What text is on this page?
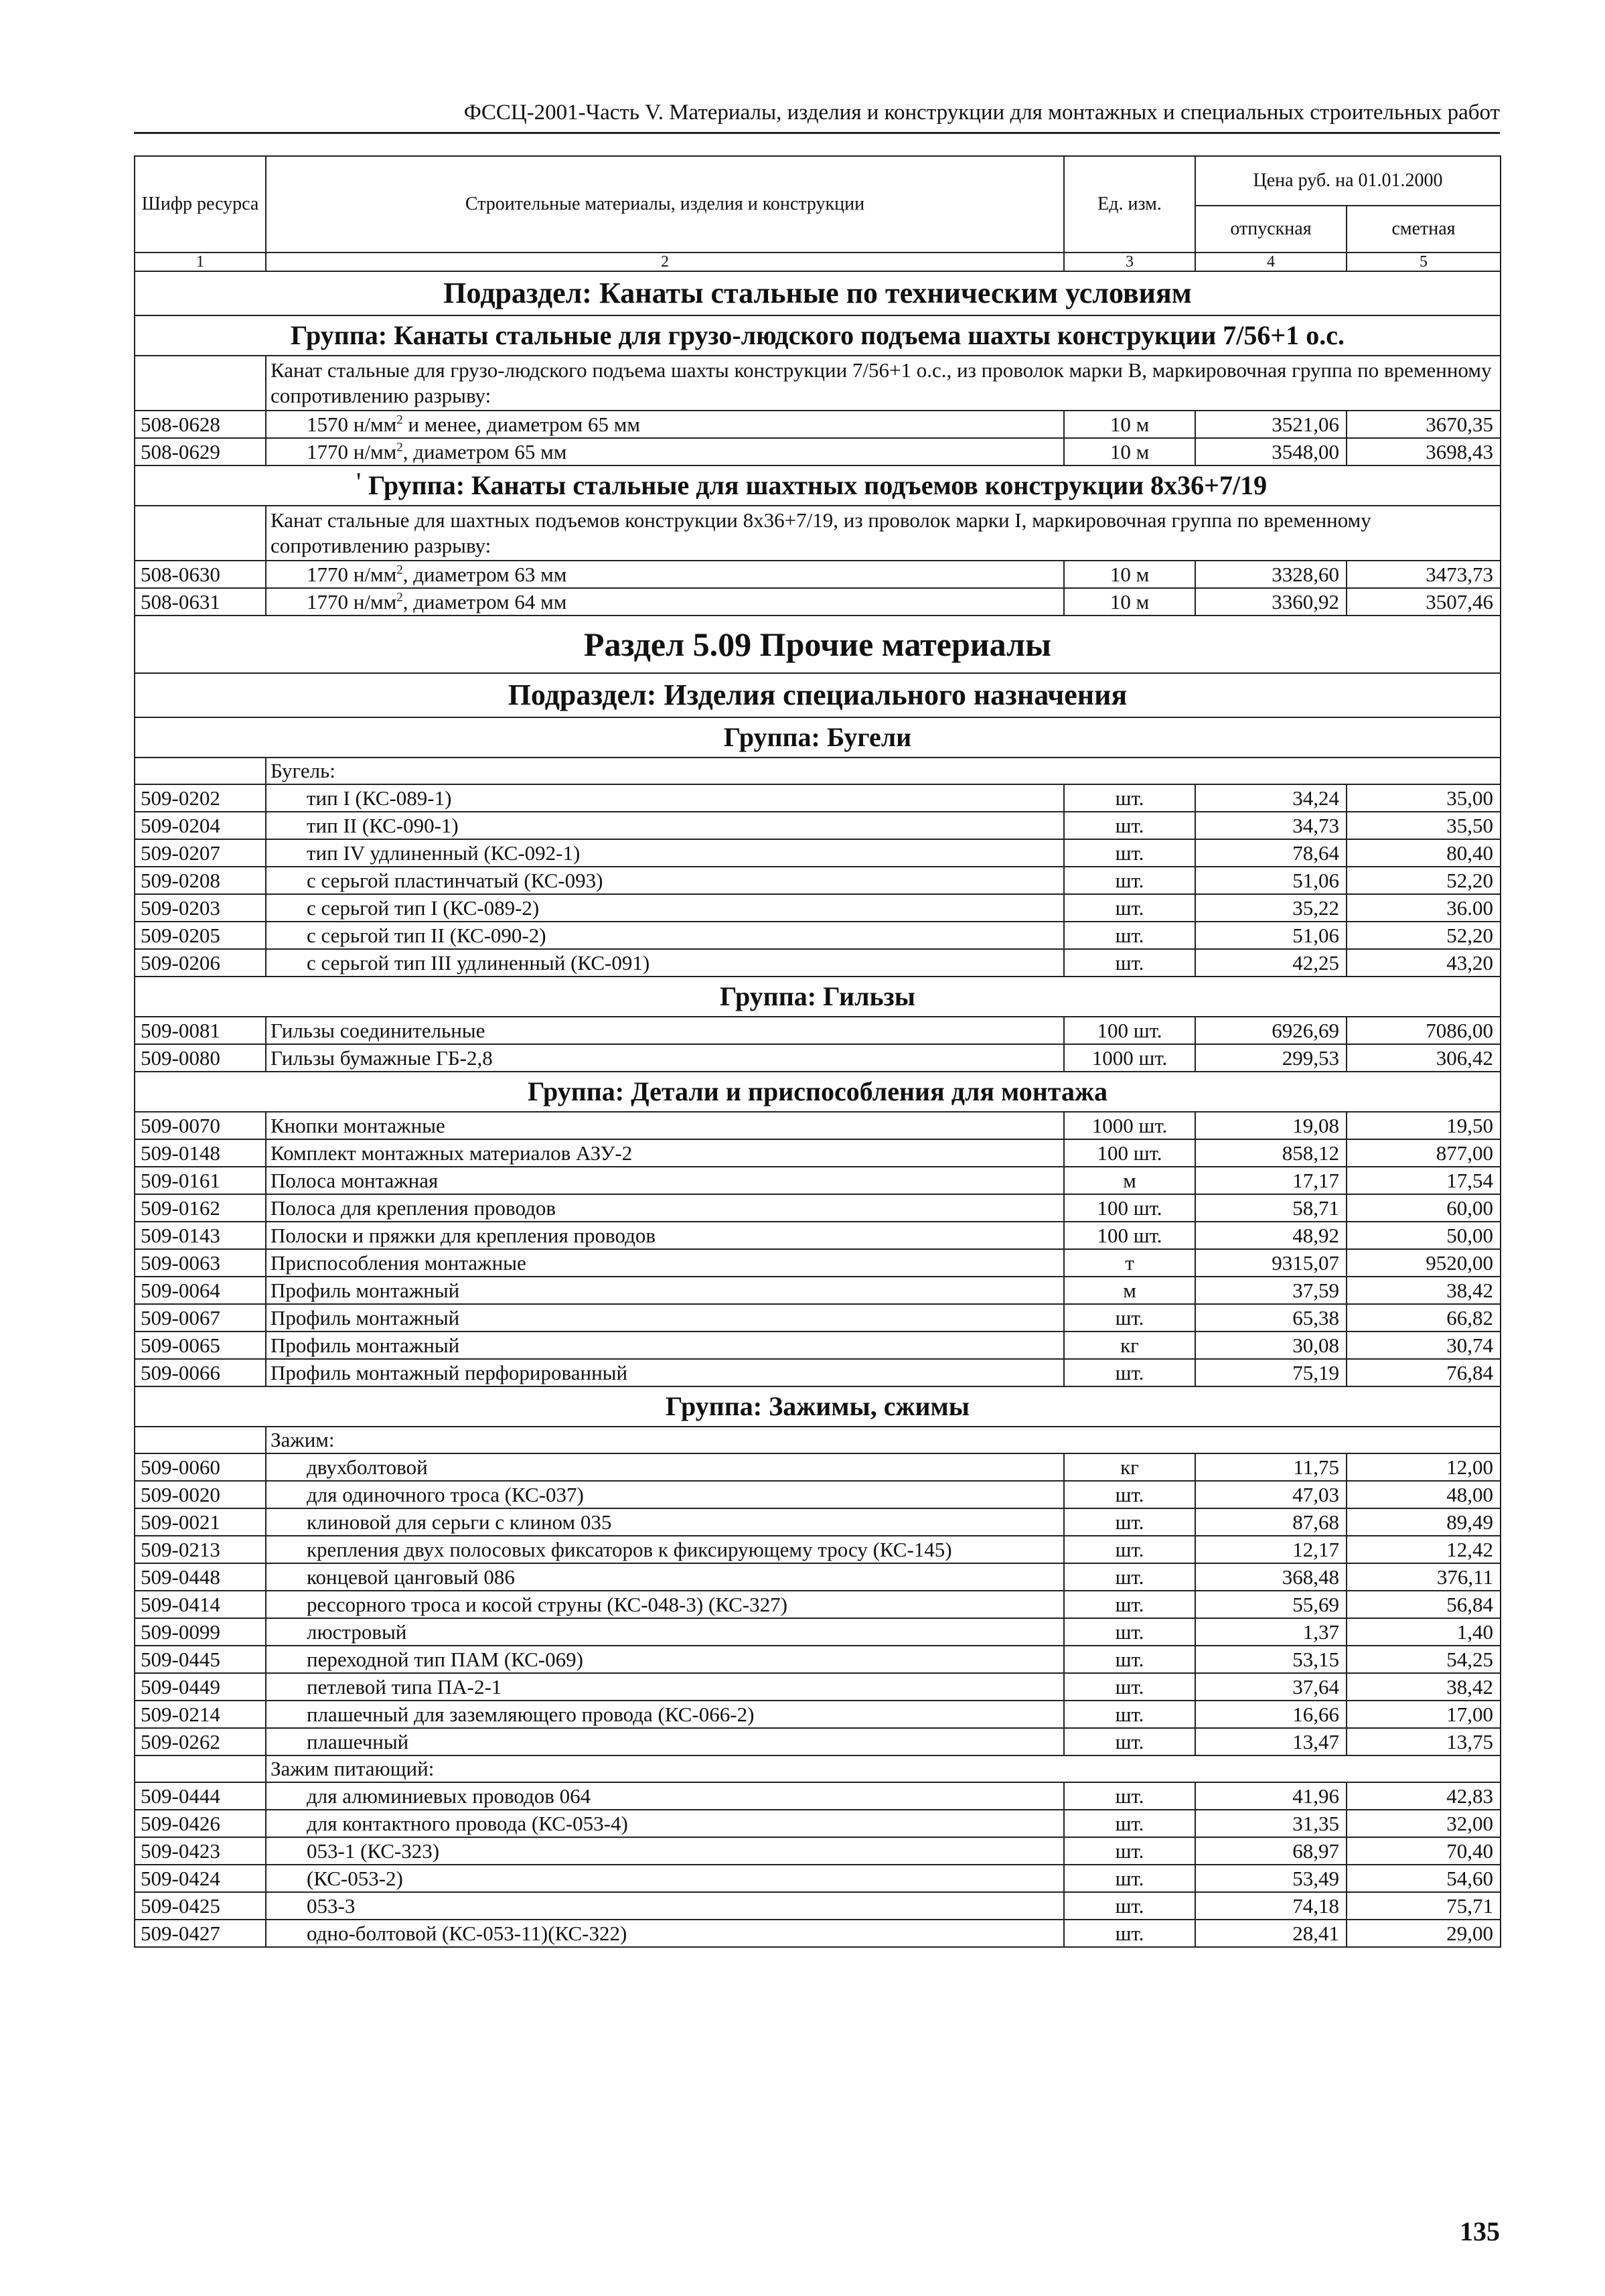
ФССЦ-2001-Часть V. Материалы, изделия и конструкции для монтажных и специальных строительных работ
Шифр ресурса	Строительные материалы, изделия и конструкции	Ед. изм.	Цена руб. на 01.01.2000	
			отпускная	сметная
1	2	3	4	5
Подраздел: Канаты стальные по техническим условиям				
Группа: Канаты стальные для грузо-людского подъема шахты конструкции 7/56+1 о.с.				
	Канат стальные для грузо-людского подъема шахты конструкции 7/56+1 о.с., из проволок марки В, маркировочная группа по временному сопротивлению разрыву:			
508-0628	1570 $н/мм^2$ и менее, диаметром 65 мм	10 м	3521,06	3670,35
508-0629	1770 $н/мм^2$, диаметром 65 мм	10 м	3548,00	3698,43

' Группа: Канаты стальные для шахтных подъемов конструкции 8x36+7/19				
	Канат стальные для шахтных подъемов конструкции 8x36+7/19, из проволок марки I, маркировочная группа по временному сопротивлению разрыву:			
508-0630	1770 $н/мм^2$, диаметром 63 мм	10 м	3328,60	3473,73
508-0631	1770 $н/мм^2$, диаметром 64 мм	10 м	3360,92	3507,46
Раздел 5.09 Прочие материалы				
Подраздел: Изделия специального назначения				
Группа: Бугели				
	Бугель:			
509-0202	тип I (КС-089-1)	шт.	34,24	35,00
509-0204	тип II (КС-090-1)	шт.	34,73	35,50
509-0207	тип IV удлиненный (КС-092-1)	шт.	78,64	80,40
509-0208	с серьгой пластинчатый (КС-093)	шт.	51,06	52,20
509-0203	с серьгой тип I (КС-089-2)	шт.	35,22	36.00
509-0205	с серьгой тип II (КС-090-2)	шт.	51,06	52,20
509-0206	с серьгой тип III удлиненный (КС-091)	шт.	42,25	43,20
Группа: Гильзы				
509-0081	Гильзы соединительные	100 шт.	6926,69	7086,00
509-0080	Гильзы бумажные ГБ-2,8	1000 шт.	299,53	306,42
Группа: Детали и приспособления для монтажа				
509-0070	Кнопки монтажные	1000 шт.	19,08	19,50
509-0148	Комплект монтажных материалов АЗУ-2	100 шт.	858,12	877,00
509-0161	Полоса монтажная	м	17,17	17,54
509-0162	Полоса для крепления проводов	100 шт.	58,71	60,00
509-0143	Полоски и пряжки для крепления проводов	100 шт.	48,92	50,00
509-0063	Приспособления монтажные	т	9315,07	9520,00
509-0064	Профиль монтажный	м	37,59	38,42
509-0067	Профиль монтажный	шт.	65,38	66,82
509-0065	Профиль монтажный	кг	30,08	30,74
509-0066	Профиль монтажный перфорированный	шт.	75,19	76,84
Группа: Зажимы, сжимы				
	Зажим:			
509-0060	двухболтовой	кг	11,75	12,00
509-0020	для одиночного троса (КС-037)	шт.	47,03	48,00
509-0021	клиновой для серьги с клином 035	шт.	87,68	89,49
509-0213	крепления двух полосовых фиксаторов к фиксирующему тросу (КС-145)	шт.	12,17	12,42
509-0448	концевой цанговый 086	шт.	368,48	376,11
509-0414	рессорного троса и косой струны (КС-048-3) (КС-327)	шт.	55,69	56,84
509-0099	люстровый	шт.	1,37	1,40
509-0445	переходной тип ПАМ (КС-069)	шт.	53,15	54,25
509-0449	петлевой типа ПА-2-1	шт.	37,64	38,42
509-0214	плашечный для заземляющего провода (КС-066-2)	шт.	16,66	17,00
509-0262	плашечный	шт.	13,47	13,75
	Зажим питающий:			
509-0444	для алюминиевых проводов 064	шт.	41,96	42,83
509-0426	для контактного провода (КС-053-4)	шт.	31,35	32,00
509-0423	053-1 (КС-323)	шт.	68,97	70,40
509-0424	(КС-053-2)	шт.	53,49	54,60
509-0425	053-3	шт.	74,18	75,71
509-0427	одно-болтовой (КС-053-11)(КС-322)	шт.	28,41	29,00
135
